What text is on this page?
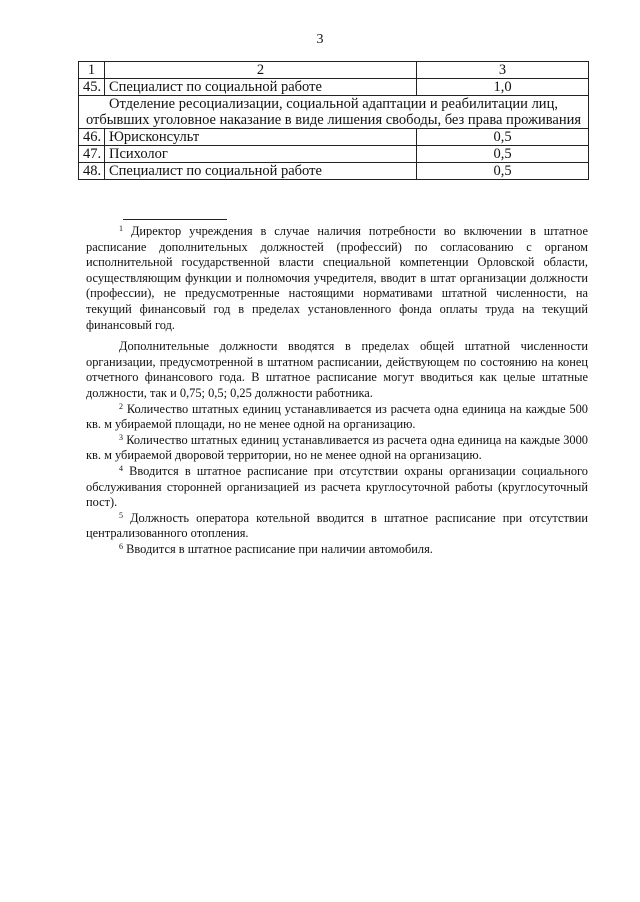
3
1	2	3
45.	Специалист по социальной работе	1,0
Отделение ресоциализации, социальной адаптации и реабилитации лиц, отбывших уголовное наказание в виде лишения свободы, без права проживания		
46.	Юрисконсульт	0,5
47.	Психолог	0,5
48.	Специалист по социальной работе	0,5

$^1$ Директор учреждения в случае наличия потребности во включении в штатное расписание дополнительных должностей (профессий) по согласованию с органом исполнительной государственной власти специальной компетенции Орловской области, осуществляющим функции и полномочия учредителя, вводит в штат организации должности (профессии), не предусмотренные настоящими нормативами штатной численности, на текущий финансовый год в пределах установленного фонда оплаты труда на текущий финансовый год.

Дополнительные должности вводятся в пределах общей штатной численности организации, предусмотренной в штатном расписании, действующем по состоянию на конец отчетного финансового года. В штатное расписание могут вводиться как целые штатные должности, так и 0,75; 0,5; 0,25 должности работника.

$^2$ Количество штатных единиц устанавливается из расчета одна единица на каждые 500 кв. м убираемой площади, но не менее одной на организацию.

$^3$ Количество штатных единиц устанавливается из расчета одна единица на каждые 3000 кв. м убираемой дворовой территории, но не менее одной на организацию.

$^4$ Вводится в штатное расписание при отсутствии охраны организации социального обслуживания сторонней организацией из расчета круглосуточной работы (круглосуточный пост).

$^5$ Должность оператора котельной вводится в штатное расписание при отсутствии централизованного отопления.

$^6$ Вводится в штатное расписание при наличии автомобиля.
